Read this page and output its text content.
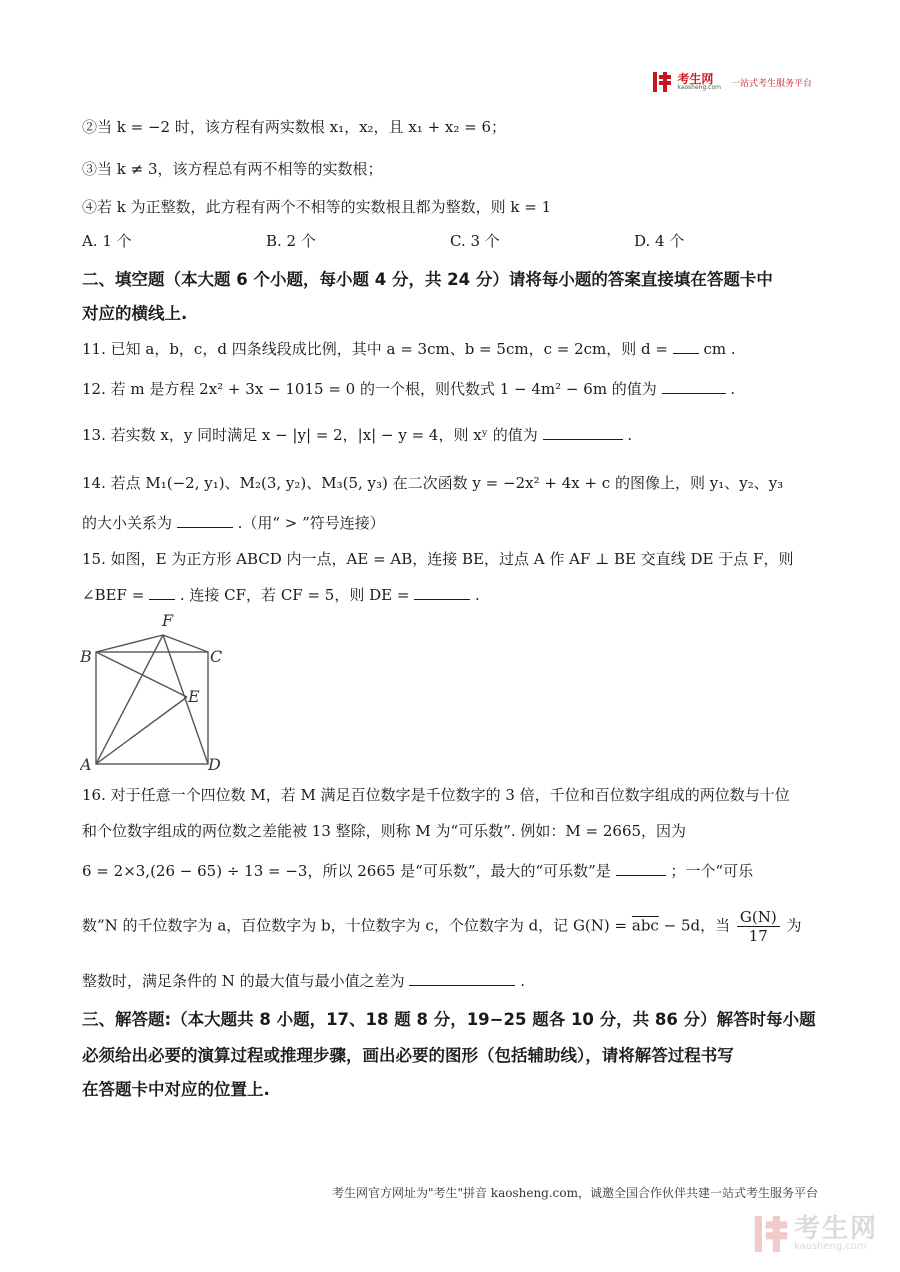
考生网
kaosheng.com 一站式考生服务平台
②当 k = −2 时，该方程有两实数根 x₁，x₂，且 x₁ + x₂ = 6；
③当 k ≠ 3，该方程总有两不相等的实数根；
④若 k 为正整数，此方程有两个不相等的实数根且都为整数，则 k = 1
A. 1 个	B. 2 个	C. 3 个	D. 4 个
二、填空题（本大题 6 个小题，每小题 4 分，共 24 分）请将每小题的答案直接填在答题卡中
对应的横线上.
11. 已知 a，b，c，d 四条线段成比例，其中 a = 3cm、b = 5cm，c = 2cm，则 d = cm .
12. 若 m 是方程 2x² + 3x − 1015 = 0 的一个根，则代数式 1 − 4m² − 6m 的值为	.
13. 若实数 x，y 同时满足 x − |y| = 2，|x| − y = 4，则 xʸ 的值为	.
14. 若点 M₁(−2, y₁)、M₂(3, y₂)、M₃(5, y₃) 在二次函数 y = −2x² + 4x + c 的图像上，则 y₁、y₂、y₃
的大小关系为	.（用“ > ”符号连接）
15. 如图，E 为正方形 ABCD 内一点，AE = AB，连接 BE，过点 A 作 AF ⊥ BE 交直线 DE 于点 F，则
∠BEF = . 连接 CF，若 CF = 5，则 DE =	.
F
B	C
E
A	D
16. 对于任意一个四位数 M，若 M 满足百位数字是千位数字的 3 倍，千位和百位数字组成的两位数与十位
和个位数字组成的两位数之差能被 13 整除，则称 M 为“可乐数”. 例如：M = 2665，因为
6 = 2×3,(26 − 65) ÷ 13 = −3，所以 2665 是“可乐数”，最大的“可乐数”是	；一个“可乐
数”N 的千位数字为 a，百位数字为 b，十位数字为 c，个位数字为 d，记 $G(N) = \overline{abc} - 5d$，当 $\frac{G(N)}{17}$ 为
整数时，满足条件的 N 的最大值与最小值之差为	.
三、解答题:（本大题共 8 小题，17、18 题 8 分，19−25 题各 10 分，共 86 分）解答时每小题
必须给出必要的演算过程或推理步骤，画出必要的图形（包括辅助线），请将解答过程书写
在答题卡中对应的位置上.
考生网官方网址为"考生"拼音 kaosheng.com，诚邀全国合作伙伴共建一站式考生服务平台
考生网
kaosheng.com
